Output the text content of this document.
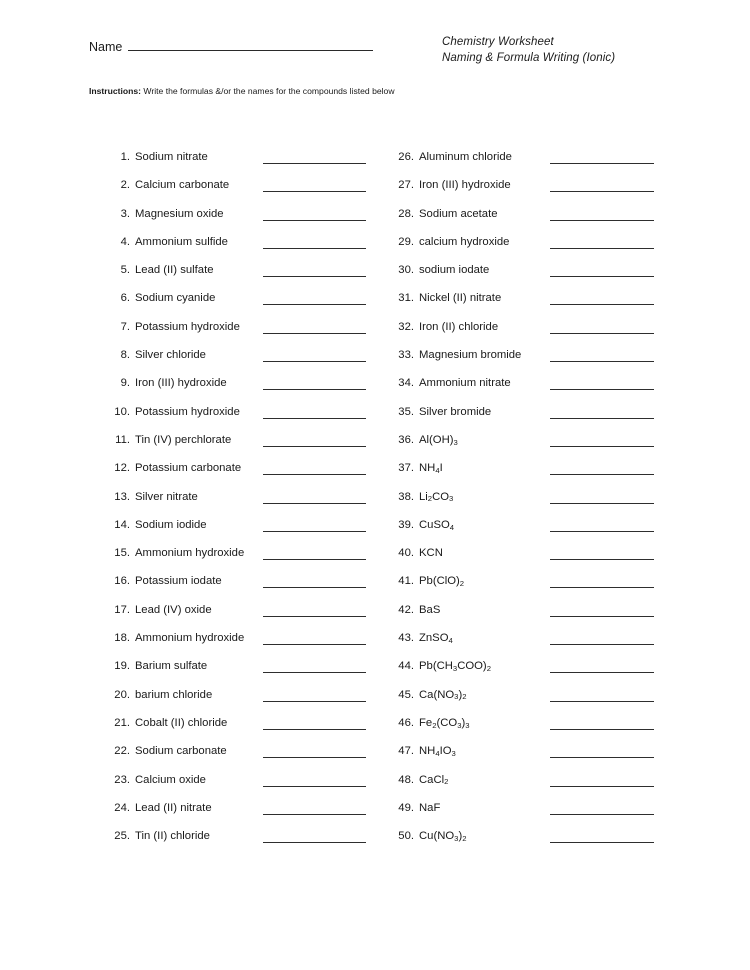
Name	Chemistry Worksheet
Naming & Formula Writing (Ionic)
Instructions: Write the formulas &/or the names for the compounds listed below
1. Sodium nitrate
2. Calcium carbonate
3. Magnesium oxide
4. Ammonium sulfide
5. Lead (II) sulfate
6. Sodium cyanide
7. Potassium hydroxide
8. Silver chloride
9. Iron (III) hydroxide
10. Potassium hydroxide
11. Tin (IV) perchlorate
12. Potassium carbonate
13. Silver nitrate
14. Sodium iodide
15. Ammonium hydroxide
16. Potassium iodate
17. Lead (IV) oxide
18. Ammonium hydroxide
19. Barium sulfate
20. barium chloride
21. Cobalt (II) chloride
22. Sodium carbonate
23. Calcium oxide
24. Lead (II) nitrate
25. Tin (II) chloride
26. Aluminum chloride
27. Iron (III) hydroxide
28. Sodium acetate
29. calcium hydroxide
30. sodium iodate
31. Nickel (II) nitrate
32. Iron (II) chloride
33. Magnesium bromide
34. Ammonium nitrate
35. Silver bromide
36. $Al(OH)_3$
37. $NH_4I$
38. $Li_2CO_3$
39. CuSO$_4$
40. KCN
41. $Pb(ClO)_2$
42. BaS
43. ZnSO$_4$
44. $Pb(CH_3COO)_2$
45. $Ca(NO_3)_2$
46. $Fe_2(CO_3)_3$
47. $NH_4IO_3$
48. CaCl$_2$
49. NaF
50. $Cu(NO_3)_2$
